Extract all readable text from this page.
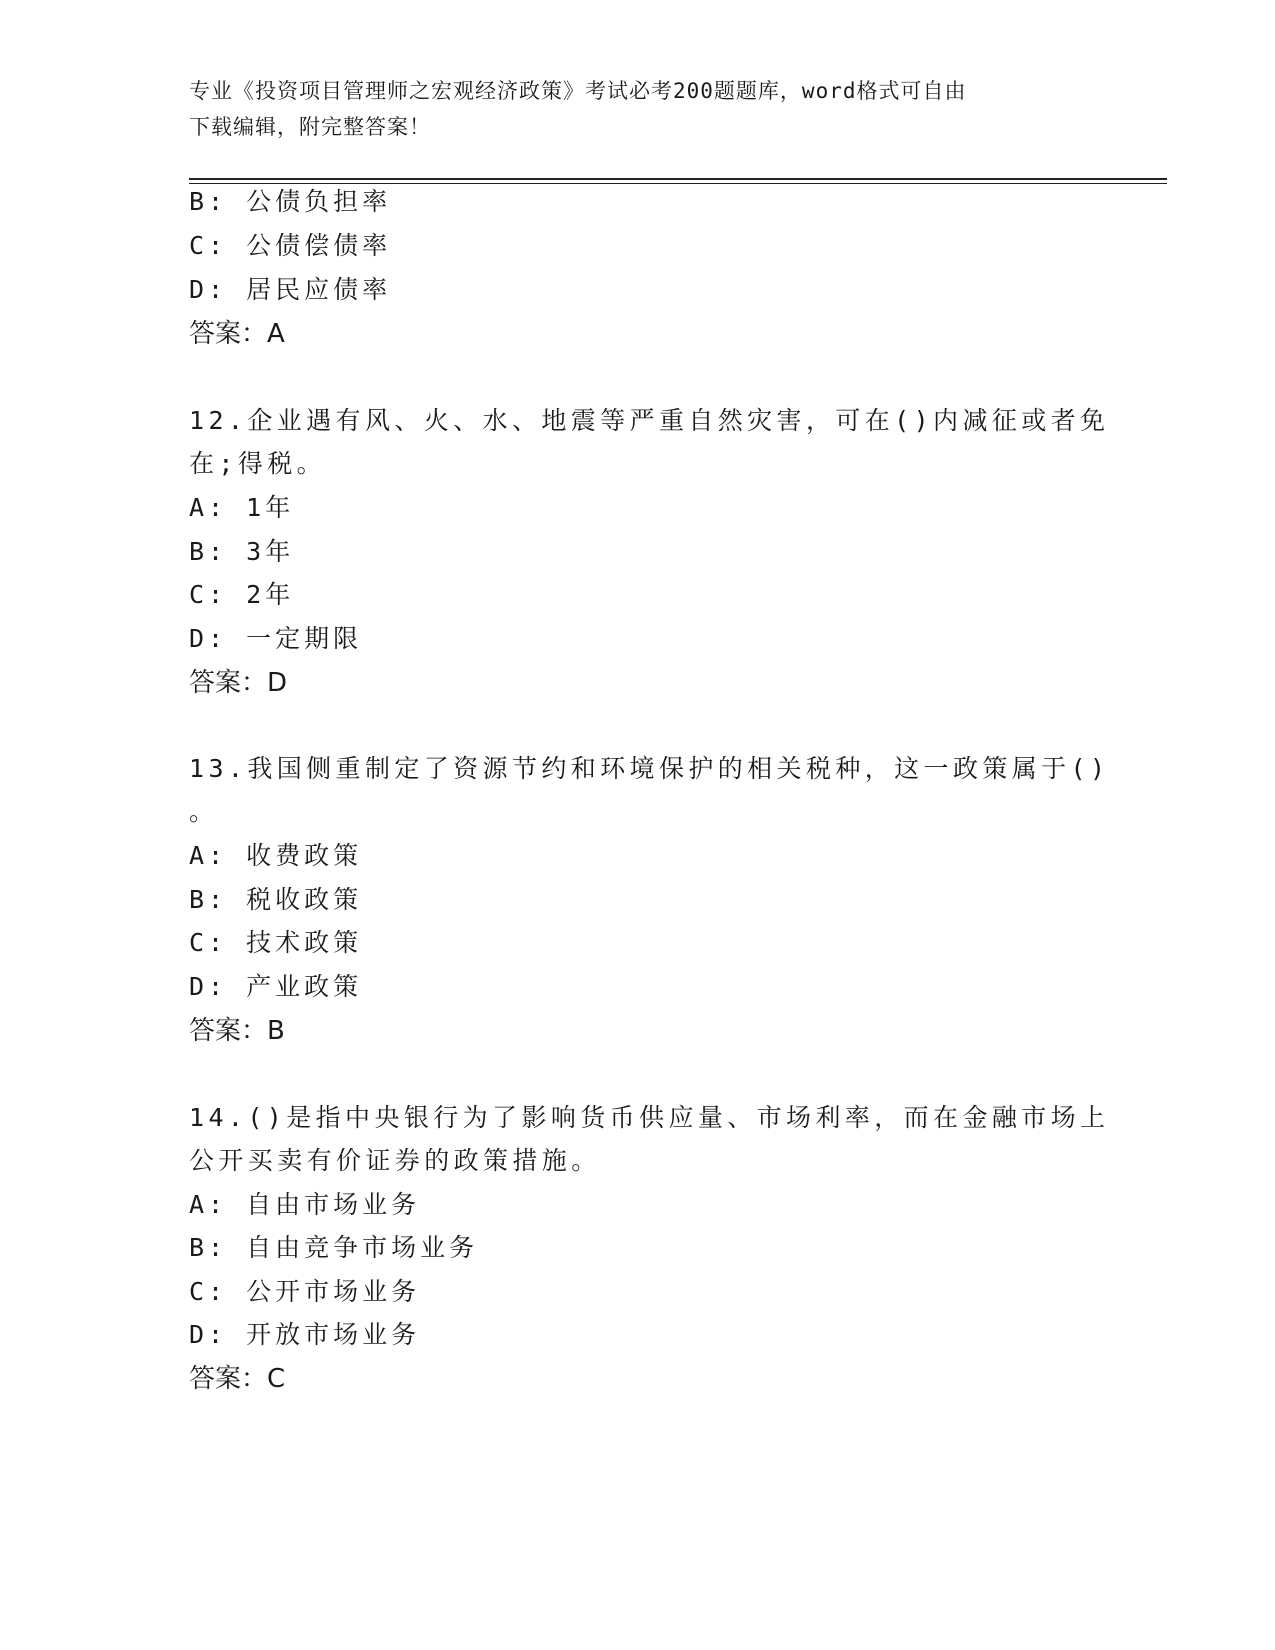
专业《投资项目管理师之宏观经济政策》考试必考200题题库，word格式可自由
下载编辑，附完整答案！

B: 公债负担率
C: 公债偿债率
D: 居民应债率
答案：A
12.企业遇有风、火、水、地震等严重自然灾害，可在()内减征或者免
在;得税。
A: 1年
B: 3年
C: 2年
D: 一定期限
答案：D
13.我国侧重制定了资源节约和环境保护的相关税种，这一政策属于()
。
A: 收费政策
B: 税收政策
C: 技术政策
D: 产业政策
答案：B
14.()是指中央银行为了影响货币供应量、市场利率，而在金融市场上
公开买卖有价证券的政策措施。
A: 自由市场业务
B: 自由竞争市场业务
C: 公开市场业务
D: 开放市场业务
答案：C
